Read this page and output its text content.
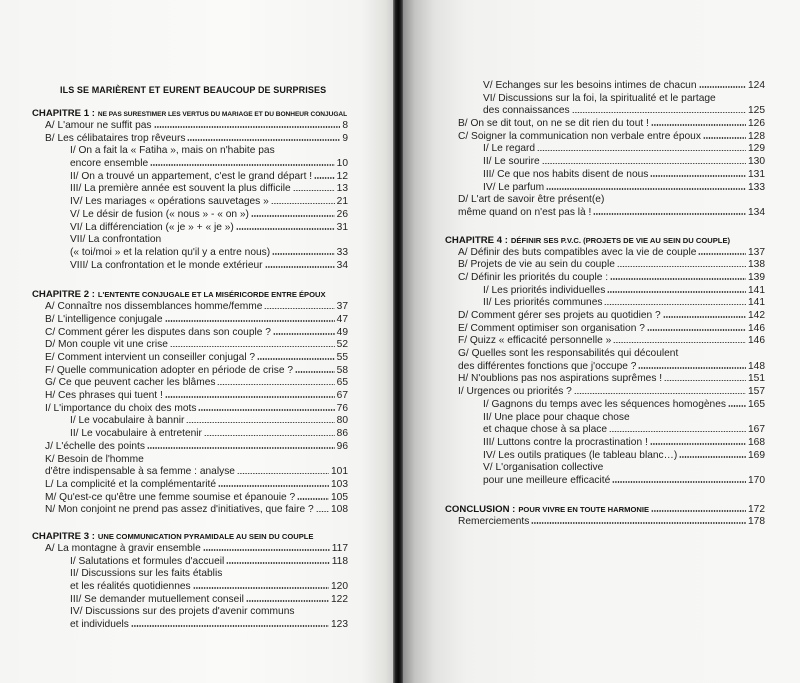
ILS SE MARIÈRENT ET EURENT BEAUCOUP DE SURPRISES
CHAPITRE 1 : NE PAS SURESTIMER LES VERTUS DU MARIAGE ET DU BONHEUR CONJUGAL
A/ L'amour ne suffit pas	8
B/ Les célibataires trop rêveurs	9
I/ On a fait la « Fatiha », mais on n'habite pas
encore ensemble	10
II/ On a trouvé un appartement, c'est le grand départ ! 12
III/ La première année est souvent la plus difficile	13
IV/ Les mariages « opérations sauvetages »	21
V/ Le désir de fusion (« nous » - « on »)	26
VI/ La différenciation (« je » + « je »)	31
VII/ La confrontation
(« toi/moi » et la relation qu'il y a entre nous)	33
VIII/ La confrontation et le monde extérieur	34
CHAPITRE 2 : L'ENTENTE CONJUGALE ET LA MISÉRICORDE ENTRE ÉPOUX
A/ Connaître nos dissemblances homme/femme	37
B/ L'intelligence conjugale	47
C/ Comment gérer les disputes dans son couple ?	49
D/ Mon couple vit une crise	52
E/ Comment intervient un conseiller conjugal ?	55
F/ Quelle communication adopter en période de crise ?	58
G/ Ce que peuvent cacher les blâmes	65
H/ Ces phrases qui tuent !	67
I/ L'importance du choix des mots	76
I/ Le vocabulaire à bannir	80
II/ Le vocabulaire à entretenir	86
J/ L'échelle des points	96
K/ Besoin de l'homme
d'être indispensable à sa femme : analyse	101
L/ La complicité et la complémentarité	103
M/ Qu'est-ce qu'être une femme soumise et épanouie ?	105
N/ Mon conjoint ne prend pas assez d'initiatives, que faire ? 108
CHAPITRE 3 : UNE COMMUNICATION PYRAMIDALE AU SEIN DU COUPLE
A/ La montagne à gravir ensemble	117
I/ Salutations et formules d'accueil	118
II/ Discussions sur les faits établis
et les réalités quotidiennes	120
III/ Se demander mutuellement conseil	122
IV/ Discussions sur des projets d'avenir communs
et individuels	123
V/ Echanges sur les besoins intimes de chacun	124
VI/ Discussions sur la foi, la spiritualité et le partage
des connaissances	125
B/ On se dit tout, on ne se dit rien du tout !	126
C/ Soigner la communication non verbale entre époux	128
I/ Le regard	129
II/ Le sourire	130
III/ Ce que nos habits disent de nous	131
IV/ Le parfum	133
D/ L'art de savoir être présent(e)
même quand on n'est pas là !	134
CHAPITRE 4 : DÉFINIR SES P.V.C. (PROJETS DE VIE AU SEIN DU COUPLE)
A/ Définir des buts compatibles avec la vie de couple	137
B/ Projets de vie au sein du couple	138
C/ Définir les priorités du couple :	139
I/ Les priorités individuelles	141
II/ Les priorités communes	141
D/ Comment gérer ses projets au quotidien ?	142
E/ Comment optimiser son organisation ?	146
F/ Quizz « efficacité personnelle »	146
G/ Quelles sont les responsabilités qui découlent
des différentes fonctions que j'occupe ?	148
H/ N'oublions pas nos aspirations suprêmes !	151
I/ Urgences ou priorités ?	157
I/ Gagnons du temps avec les séquences homogènes 165
II/ Une place pour chaque chose
et chaque chose à sa place	167
III/ Luttons contre la procrastination !	168
IV/ Les outils pratiques (le tableau blanc…)	169
V/ L'organisation collective
pour une meilleure efficacité	170
CONCLUSION : POUR VIVRE EN TOUTE HARMONIE	172
Remerciements	178
